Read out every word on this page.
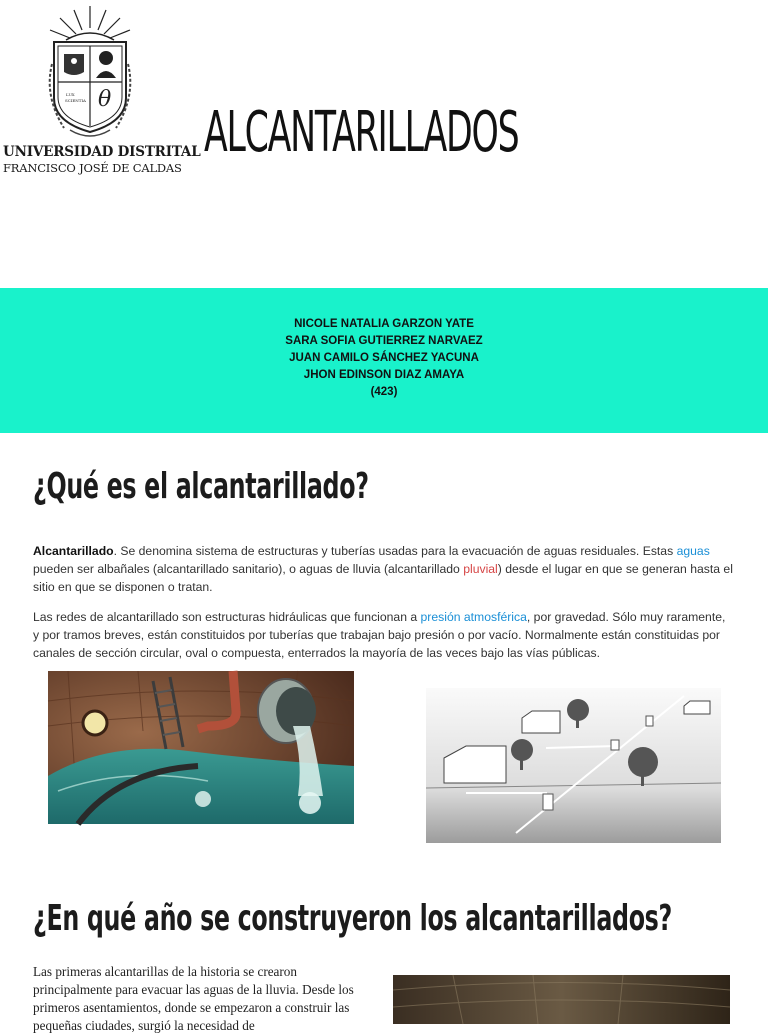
LUX
SCIENTIA θ
UNIVERSIDAD DISTRITAL
FRANCISCO JOSÉ DE CALDAS
ALCANTARILLADOS
NICOLE NATALIA GARZON YATE
SARA SOFIA GUTIERREZ NARVAEZ
JUAN CAMILO SÁNCHEZ YACUNA
JHON EDINSON DIAZ AMAYA
(423)
¿Qué es el alcantarillado?

Alcantarillado. Se denomina sistema de estructuras y tuberías usadas para la evacuación de aguas residuales. Estas aguas pueden ser albañales (alcantarillado sanitario), o aguas de lluvia (alcantarillado pluvial) desde el lugar en que se generan hasta el sitio en que se disponen o tratan.

Las redes de alcantarillado son estructuras hidráulicas que funcionan a presión atmosférica, por gravedad. Sólo muy raramente, y por tramos breves, están constituidos por tuberías que trabajan bajo presión o por vacío. Normalmente están constituidas por canales de sección circular, oval o compuesta, enterrados la mayoría de las veces bajo las vías públicas.

¿En qué año se construyeron los alcantarillados?

Las primeras alcantarillas de la historia se crearon principalmente para evacuar las aguas de la lluvia. Desde los primeros asentamientos, donde se empezaron a construir las pequeñas ciudades, surgió la necesidad de
